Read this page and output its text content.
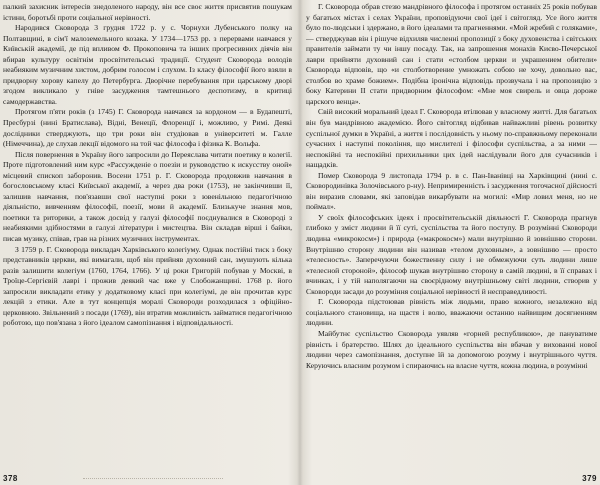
палкий захисник інтересів знедоленого народу, він все своє життя присвятив пошукам істини, боротьбі проти соціальної нерівності.

Народився Сковорода 3 грудня 1722 р. у с. Чорнухи Лубенського полку на Полтавщині, в сім'ї малоземельного козака. У 1734—1753 рр. з перервами навчався у Київській академії, де під впливом Ф. Прокоповича та інших прогресивних діячів він вбирав культуру освітнім просвітительські традиції. Студент Сковорода володів неабияким музичним хистом, добрим голосом і слухом. Із класу філософії його взяли в придворну хорову капелу до Петербурга. Дворічне перебування при царському дворі згодом викликало у гніве засудження тамтешнього деспотизму, в критиці самодержавства.

Протягом п'яти років (з 1745) Г. Сковорода навчався за кордоном — в Будапешті, Пресбурзі (нині Братислава), Відні, Венеції, Флоренції і, можливо, у Римі. Деякі дослідники стверджують, що три роки він студіював в університеті м. Галле (Німеччина), де слухав лекції відомого на той час філософа і фізика К. Вольфа.

Після повернення в Україну його запросили до Переяслава читати поетику в колегії. Проте підготовлений ним курс «Рассужденіе о поезіи и руководство к искусству оной» місцевий єпископ заборонив. Восени 1751 р. Г. Сковорода продовжив навчання в богословському класі Київської академії, а через два роки (1753), не закінчивши її, залишив навчання, пов'язавши свої наступні роки з ювенільною педагогічною діяльністю, вивченням філософії, поезії, мови й академії. Близькуче знання мов, поетики та риторики, а також досвід у галузі філософії поєднувалися в Сковороді з неабиякими здібностями в галузі літератури і мистецтва. Він складав вірші і байки, писав музику, співав, грав на різних музичних інструментах.

З 1759 р. Г. Сковорода викладач Харківського колегіуму. Однак постійні тиск з боку представників церкви, які вимагали, щоб він прийняв духовний сан, змушують кілька разів залишити колегіум (1760, 1764, 1766). У ці роки Григорій побував у Москві, в Троїце-Сергієвій лаврі і прожив деякий час вже у Слобожанщині. 1768 р. його запросили викладати етику у додатковому класі при колегіумі, де він прочитав курс лекцій з етики. Але в тут концепція моралі Сковороди розходилася з офіційно-церковною. Звільнений з посади (1769), він втратив можливість займатися педагогічною роботою, що пов'язана з його ідеалом самопізнання і відповідальності.

378

Г. Сковорода обрав стезю мандрівного філософа і протягом останніх 25 років побував у багатьох містах і селах України, проповідуючи свої ідеї і світогляд. Усе його життя було по-людськи і здержано, в його ідеалами та прагненнями. «Мой жребий с голяками», — стверджував він і рішуче відхиляв численні пропозиції з боку духовенства і світських правителів займати ту чи іншу посаду. Так, на запрошення монахів Києво-Печерської лаври прийняти духовний сан і стати «столбом церкви и украшением обители» Сковорода відповів, що «и столботворение умножать собою не хочу, довольно вас, столбов во храме божием». Подібна іронічна відповідь прозвучала і на пропозицію з боку Катерини II стати придворним філософом: «Мне моя свирель и овца дороже царского венца».

Свій високий моральний ідеал Г. Сковорода втілював у власному житті. Для багатьох він був мандрівною академією. Його світогляд відбивав найважливі рівень розвитку суспільної думки в Україні, а життя і послідовність у ньому по-справжньому переконали сучасних і наступні покоління, що мислителі і філософи суспільства, а за ними — неспокійні та неспокійні прихильники цих ідей наслідували його для сучасників і нащадків.

Помер Сковорода 9 листопада 1794 р. в с. Пан-Іванівці на Харківщині (нині с. Сковородинівка Золочівського р-ну). Непримиренність і засудження тогочасної дійсності він виразив словами, які заповідав викарбувати на могилі: «Мир ловил меня, но не поймал».

У своїх філософських ідеях і просвітительській діяльності Г. Сковорода прагнув глибоко у зміст людини й її суті, суспільства та його поступу. В розумінні Сковороди людина «микрокосм») і природа («макрокосм») мали внутрішню й зовнішню сторони. Внутрішню сторону людини він називав «телом духовным», а зовнішню — просто «телесность». Заперечуючи божественну силу і не обмежуючи суть людини лише «телесной стороной», філософ шукав внутрішню сторону в самій людині, в її справах і вчинках, і у тій наполягаючи на своєрідному внутрішньому світі людини, створив у Сковороди засади до розуміння соціальної нерівності й несправедливості.

Г. Сковорода підстоював рівність між людьми, право кожного, незалежно від соціального становища, на щастя і волю, вважаючи останню найвищим досягненням людини.

Майбутнє суспільство Сковорода уявляв «горней республикою», де пануватиме рівність і братерство. Шлях до ідеального суспільства він вбачав у вихованні нової людини через самопізнання, доступне їй за допомогою розуму і внутрішнього чуття. Керуючись власним розумом і спираючись на власне чуття, кожна людина, в розумінні

379
